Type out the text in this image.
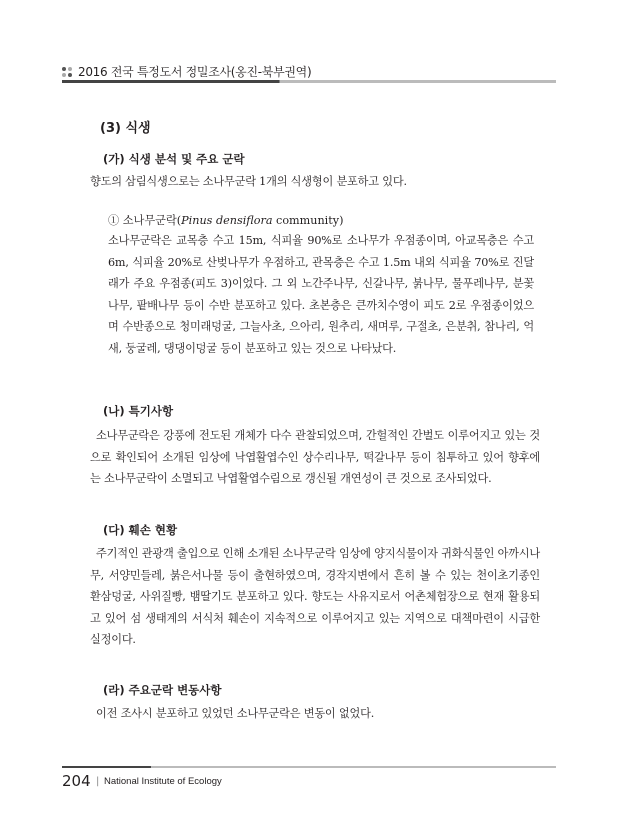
2016 전국 특정도서 정밀조사(옹진-북부권역)
(3) 식생

(가) 식생 분석 및 주요 군락

향도의 삼림식생으로는 소나무군락 1개의 식생형이 분포하고 있다.

① 소나무군락(Pinus densiflora community)

소나무군락은 교목층 수고 15m, 식피율 90%로 소나무가 우점종이며, 아교목층은 수고 6m, 식피율 20%로 산벚나무가 우점하고, 관목층은 수고 1.5m 내외 식피율 70%로 진달래가 주요 우점종(피도 3)이었다. 그 외 노간주나무, 신갈나무, 붉나무, 물푸레나무, 분꽃나무, 팥배나무 등이 수반 분포하고 있다. 초본층은 큰까치수영이 피도 2로 우점종이었으며 수반종으로 청미래덩굴, 그늘사초, 으아리, 원추리, 새며루, 구절초, 은분취, 참나리, 억새, 둥굴레, 댕댕이덩굴 등이 분포하고 있는 것으로 나타났다.

(나) 특기사항

소나무군락은 강풍에 전도된 개체가 다수 관찰되었으며, 간헐적인 간벌도 이루어지고 있는 것으로 확인되어 소개된 임상에 낙엽활엽수인 상수리나무, 떡갈나무 등이 침투하고 있어 향후에는 소나무군락이 소멸되고 낙엽활엽수림으로 갱신될 개연성이 큰 것으로 조사되었다.

(다) 훼손 현황

주기적인 관광객 출입으로 인해 소개된 소나무군락 임상에 양지식물이자 귀화식물인 아까시나무, 서양민들레, 붉은서나물 등이 출현하였으며, 경작지변에서 흔히 볼 수 있는 천이초기종인 환삼덩굴, 사위질빵, 뱀딸기도 분포하고 있다. 향도는 사유지로서 어촌체험장으로 현재 활용되고 있어 섬 생태계의 서식처 훼손이 지속적으로 이루어지고 있는 지역으로 대책마련이 시급한 실정이다.

(라) 주요군락 변동사항

이전 조사시 분포하고 있었던 소나무군락은 변동이 없었다.

204 | National Institute of Ecology
